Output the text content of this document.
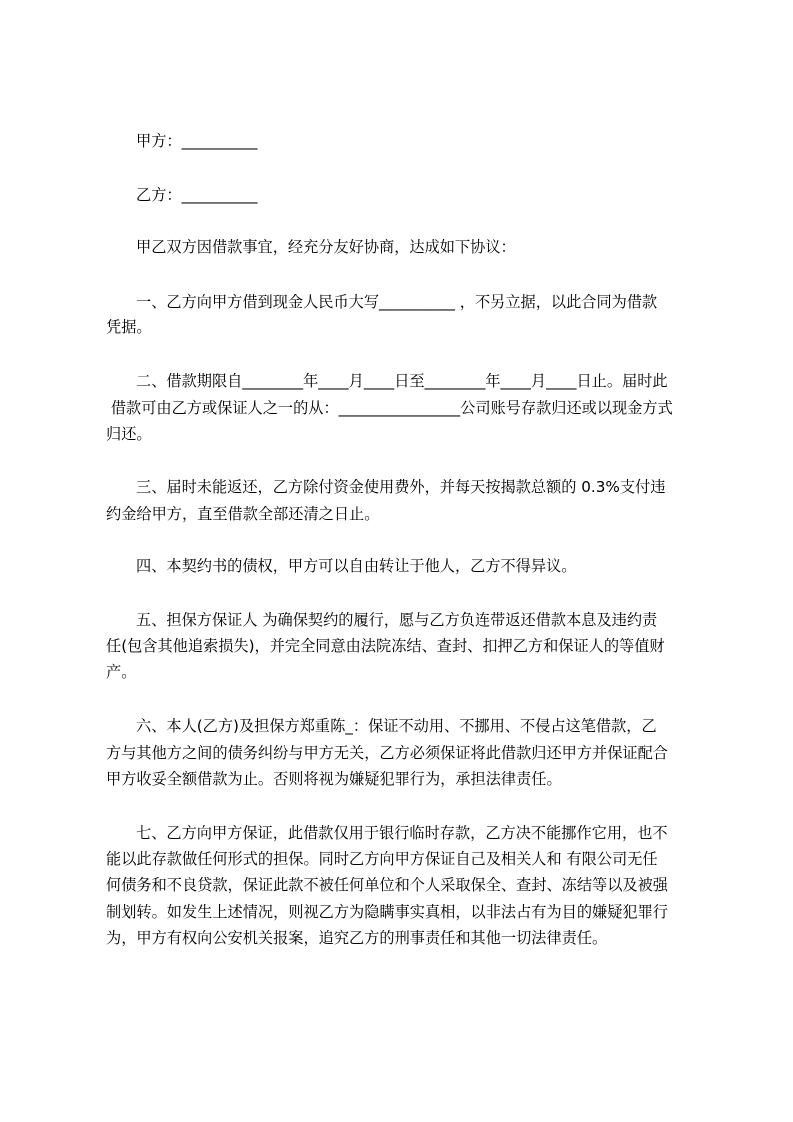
甲方：__________
乙方：__________
甲乙双方因借款事宜，经充分友好协商，达成如下协议：
一、乙方向甲方借到现金人民币大写__________ ，不另立据，以此合同为借款
凭据。
二、借款期限自________年____月____日至________年____月____日止。届时此
借款可由乙方或保证人之一的从：________________公司账号存款归还或以现金方式
归还。
三、届时未能返还，乙方除付资金使用费外，并每天按揭款总额的 0.3%支付违
约金给甲方，直至借款全部还清之日止。
四、本契约书的债权，甲方可以自由转让于他人，乙方不得异议。
五、担保方保证人 为确保契约的履行，愿与乙方负连带返还借款本息及违约责
任(包含其他追索损失)，并完全同意由法院冻结、查封、扣押乙方和保证人的等值财
产。
六、本人(乙方)及担保方郑重陈_：保证不动用、不挪用、不侵占这笔借款，乙
方与其他方之间的债务纠纷与甲方无关，乙方必须保证将此借款归还甲方并保证配合
甲方收妥全额借款为止。否则将视为嫌疑犯罪行为，承担法律责任。
七、乙方向甲方保证，此借款仅用于银行临时存款，乙方决不能挪作它用，也不
能以此存款做任何形式的担保。同时乙方向甲方保证自己及相关人和 有限公司无任
何债务和不良贷款，保证此款不被任何单位和个人采取保全、查封、冻结等以及被强
制划转。如发生上述情况，则视乙方为隐瞒事实真相，以非法占有为目的嫌疑犯罪行
为，甲方有权向公安机关报案，追究乙方的刑事责任和其他一切法律责任。
